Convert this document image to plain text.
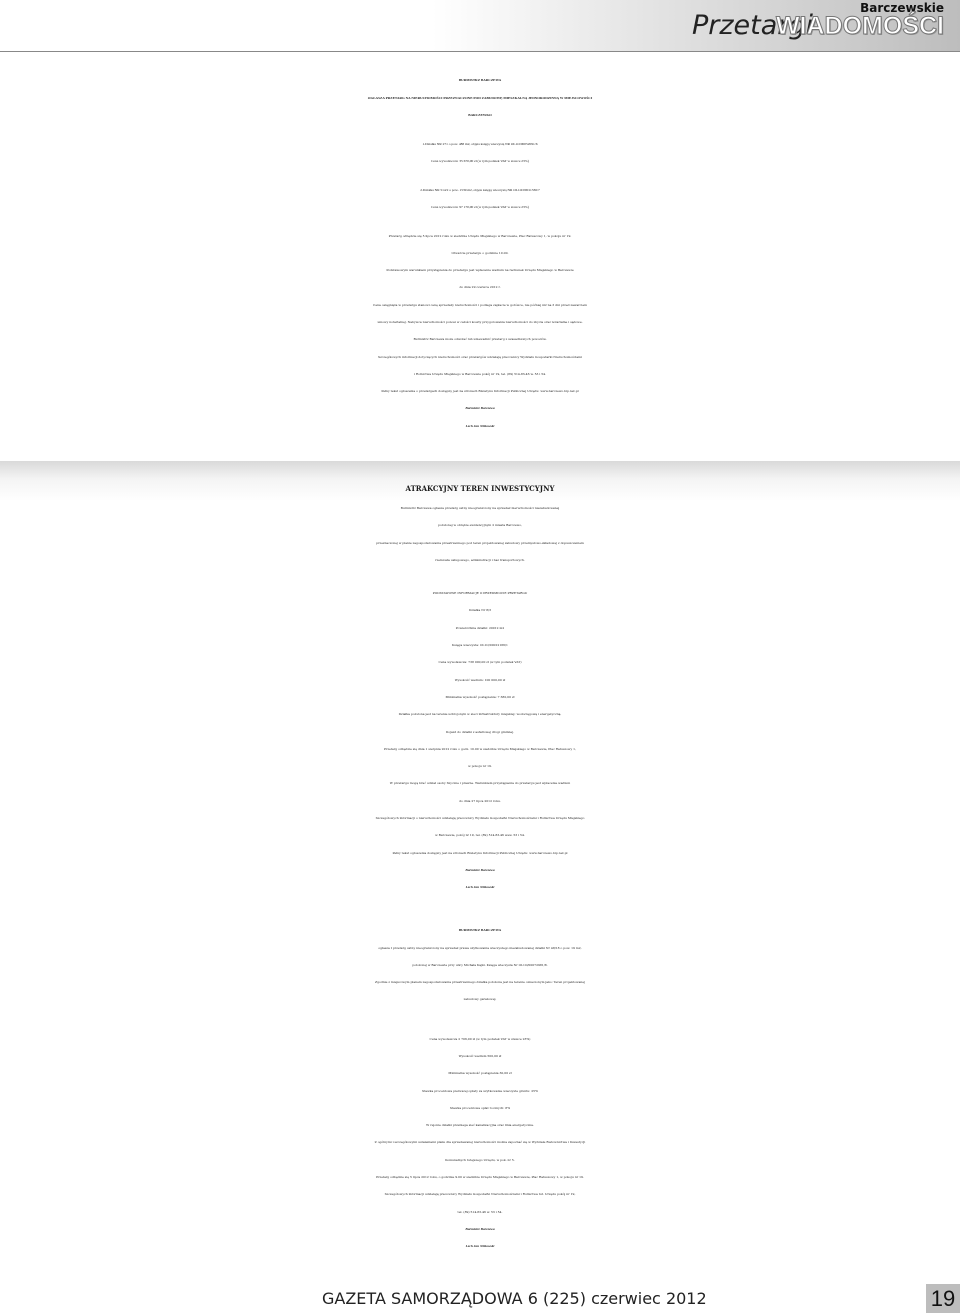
Przetargi
Barczewskie
WIADOMOŚCI
BURMISTRZ BARCZEWA
OGŁASZA PRZETARG NA NIERUCHOMOŚCI PRZEZNACZONE POD ZABUDOWĘ MIESZKALNĄ JEDNORODZINNĄ W MIEJSCOWOŚCI
BARCZEWKO
1.Działka NR 271 o pow. 488 m2, objęta księgą wieczystą NR OL1O/00052091/6
Cena wywoławcza: 35 670,00 zł (w tym podatek VAT w stawce 23%)
2.Działka NR 514/2 o pow. 1539 m2, objęta księgą wieczystą NR OL1O/00011336/7
Cena wywoławcza: 97 170,00 zł (w tym podatek VAT w stawce 23%)
Przetarg odbędzie się 5 lipca 2012 roku w siedzibie Urzędu Miejskiego w Barczewie, Plac Ratuszowy 1, w pokoju nr 19.
Otwarcie przetargu o godzinie 10.00.
Podstawowym warunkiem przystąpienia do przetargu jest wpłacenie wadium na rachunek Urzędu Miejskiego w Barczewie
do dnia 29 czerwca 2012 r.
Cena osiągnięta w przetargu stanowi cenę sprzedaży nieruchomości i podlega zapłacie w gotówce, nie później niż na 3 dni przed zawarciem
umowy notarialnej. Nabywca nieruchomości ponosi w całości koszty przygotowania nieruchomości do zbycia oraz notarialne i sądowe.
Burmistrz Barczewa może odwołać lub unieważnić przetarg z uzasadnionych powodów.
Szczegółowych informacji dotyczących nieruchomości oraz przetargów udzielają pracownicy Wydziału Gospodarki Nieruchomościami
i Rolnictwa Urzędu Miejskiego w Barczewie pokój nr 19, tel. (89) 514-83-46 w. 53 i 54.
Pełny tekst ogłoszenia o przetargach dostępny jest na stronach Biuletynu Informacji Publicznej Urzędu: www.barczewo.bip.net.pl
Burmistrz Barczewa
Lech Jan Nitkowski
ATRAKCYJNY TEREN INWESTYCYJNY
Burmistrz Barczewa ogłasza przetarg ustny nieograniczony na sprzedaż nieruchomości niezabudowanej
położonej w obrębie ewidencyjnym 2 miasta Barczewo,
przeznaczonej w planie zagospodarowania przestrzennego pod teren projektowanej zabudowy przemysłowo-składowej z dopuszczeniem
rzemiosła usługowego, administracji i baz transportowych.
PODSTAWOWE INFORMACJE O PRZEDMIOCIE PRZETARGU
Działka Nr 8/3
Powierzchnia działki: 20012 m2
Księga wieczysta: OL1O/00012166/1
Cena wywoławcza: 738 000,00 zł (w tym podatek VAT)
Wysokość wadium: 100 000,00 zł
Minimalna wysokość postąpienia: 7 380,00 zł
Działka położona jest na terenie uzbrojonym w sieci infrastruktury miejskiej: wodociągową i energetyczną.
Dojazd do działki z asfaltowej drogi gminnej.
Przetarg odbędzie się dnia 1 sierpnia 2012 roku o godz. 10.00 w siedzibie Urzędu Miejskiego w Barczewie, Plac Ratuszowy 1,
w pokoju nr 19.
W przetargu mogą brać udział osoby fizyczne i prawne. Warunkiem przystąpienia do przetargu jest wpłacenie wadium
do dnia 27 lipca 2012 roku.
Szczegółowych informacji o nieruchomości udzielają pracownicy Wydziału Gospodarki Nieruchomościami i Rolnictwa Urzędu Miejskiego
w Barczewie, pokój nr 19, tel. (89) 514-83-46 wew. 53 i 54.
Pełny tekst ogłoszenia dostępny jest na stronach Biuletynu Informacji Publicznej Urzędu: www.barczewo.bip.net.pl
Burmistrz Barczewa
Lech Jan Nitkowski
BURMISTRZ BARCZEWA
ogłasza I przetarg ustny nieograniczony na sprzedaż prawa użytkowania wieczystego niezabudowanej działki Nr 48/18 o pow. 19 m2,
położonej w Barczewie przy ulicy Michała Kajki. Księga wieczysta Nr OL1O/00072981/8.
Zgodnie z miejscowym planem zagospodarowania przestrzennego działka położona jest na terenie oznaczonym jako: Teren projektowanej
zabudowy garażowej.
Cena wywoławcza 2 706,00 zł (w tym podatek VAT w stawce 23%)
Wysokość wadium 500,00 zł
Minimalna wysokość postąpienia 30,00 zł
Stawka procentowa pierwszej opłaty za użytkowanie wieczyste gruntu: 25%
Stawka procentowa opłat rocznych: 8%
W rejonie działki przebiega sieć kanalizacyjna oraz linia energetyczna.
Z ogólnymi i szczegółowymi ustaleniami planu dla sprzedawanej nieruchomości można zapoznać się w Wydziale Budownictwa i Inwestycji
Komunalnych tutejszego Urzędu, w pok. nr 5.
Przetarg odbędzie się 5 lipca 2012 roku, o godzinie 9.00 w siedzibie Urzędu Miejskiego w Barczewie, Plac Ratuszowy 1, w pokoju nr 19.
Szczegółowych informacji udzielają pracownicy Wydziału Gospodarki Nieruchomościami i Rolnictwa tut. Urzędu pokój nr 19,
tel. (89) 514-83-46 w. 53 i 54.
Burmistrz Barczewa
Lech Jan Nitkowski
GAZETA SAMORZĄDOWA 6 (225) czerwiec 2012	19
